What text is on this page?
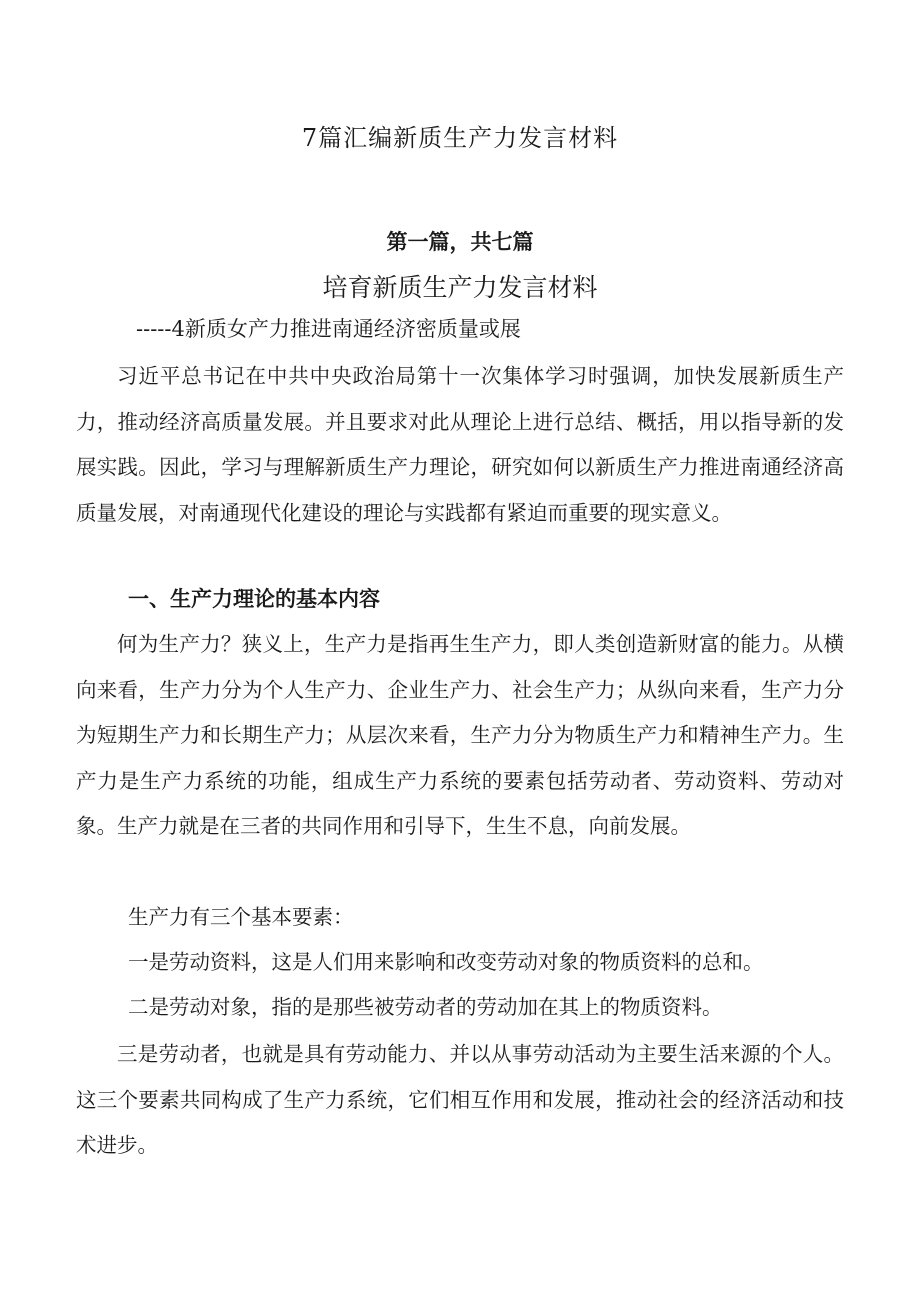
7篇汇编新质生产力发言材料
第一篇，共七篇
培育新质生产力发言材料
-----4新质女产力推进南通经济密质量或展

习近平总书记在中共中央政治局第十一次集体学习时强调，加快发展新质生产力，推动经济高质量发展。并且要求对此从理论上进行总结、概括，用以指导新的发展实践。因此，学习与理解新质生产力理论，研究如何以新质生产力推进南通经济高质量发展，对南通现代化建设的理论与实践都有紧迫而重要的现实意义。

一、生产力理论的基本内容

何为生产力？狭义上，生产力是指再生生产力，即人类创造新财富的能力。从横向来看，生产力分为个人生产力、企业生产力、社会生产力；从纵向来看，生产力分为短期生产力和长期生产力；从层次来看，生产力分为物质生产力和精神生产力。生产力是生产力系统的功能，组成生产力系统的要素包括劳动者、劳动资料、劳动对象。生产力就是在三者的共同作用和引导下，生生不息，向前发展。

生产力有三个基本要素：

一是劳动资料，这是人们用来影响和改变劳动对象的物质资料的总和。

二是劳动对象，指的是那些被劳动者的劳动加在其上的物质资料。

三是劳动者，也就是具有劳动能力、并以从事劳动活动为主要生活来源的个人。这三个要素共同构成了生产力系统，它们相互作用和发展，推动社会的经济活动和技术进步。
